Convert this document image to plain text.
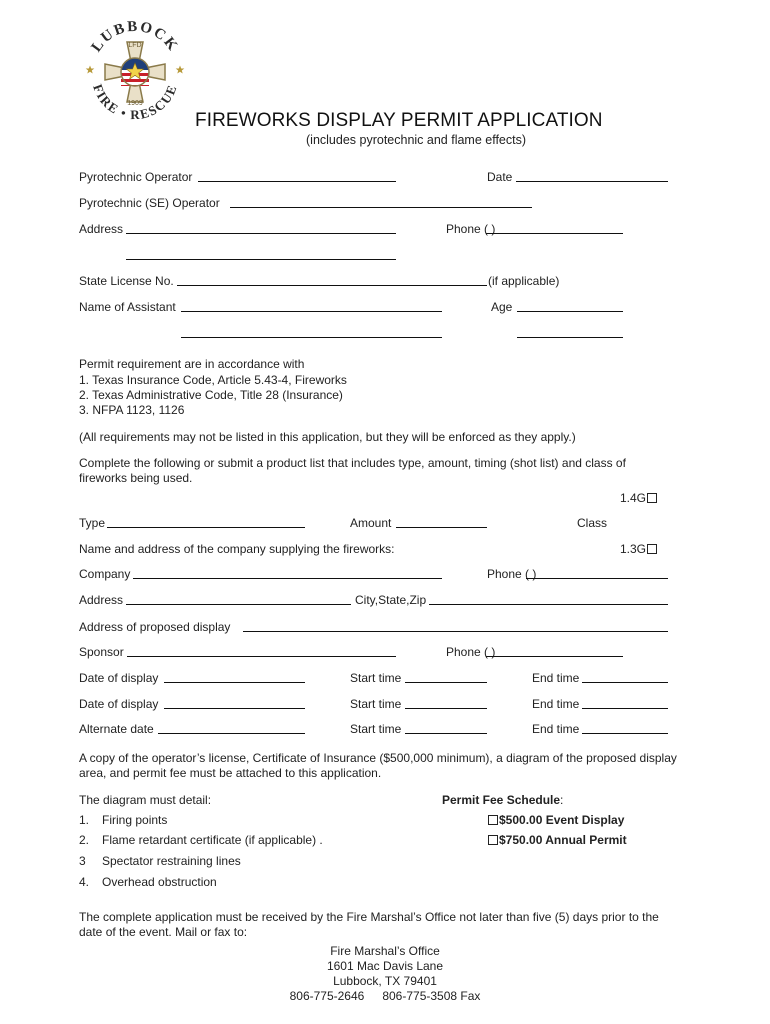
LUBBOCK
FIRE • RESCUE
LFD
1909
FIREWORKS DISPLAY PERMIT APPLICATION
(includes pyrotechnic and flame effects)
Pyrotechnic Operator	Date
Pyrotechnic (SE) Operator
Address	Phone ( )
State License No.	(if applicable)
Name of Assistant	Age
Permit requirement are in accordance with
1. Texas Insurance Code, Article 5.43-4, Fireworks
2. Texas Administrative Code, Title 28 (Insurance)
3. NFPA 1123, 1126
(All requirements may not be listed in this application, but they will be enforced as they apply.)
Complete the following or submit a product list that includes type, amount, timing (shot list) and class of fireworks being used.
1.4G
Type	Amount	Class
Name and address of the company supplying the fireworks:	1.3G
Company	Phone ( )
Address	City,State,Zip
Address of proposed display
Sponsor	Phone ( )
Date of display	Start time	End time
Date of display	Start time	End time
Alternate date	Start time	End time
A copy of the operator’s license, Certificate of Insurance ($500,000 minimum), a diagram of the proposed display area, and permit fee must be attached to this application.
The diagram must detail:
1. Firing points
2. Flame retardant certificate (if applicable) .
3 Spectator restraining lines
4. Overhead obstruction
Permit Fee Schedule:
$500.00 Event Display
$750.00 Annual Permit
The complete application must be received by the Fire Marshal’s Office not later than five (5) days prior to the date of the event. Mail or fax to:
Fire Marshal’s Office
1601 Mac Davis Lane
Lubbock, TX 79401
806-775-2646 806-775-3508 Fax
